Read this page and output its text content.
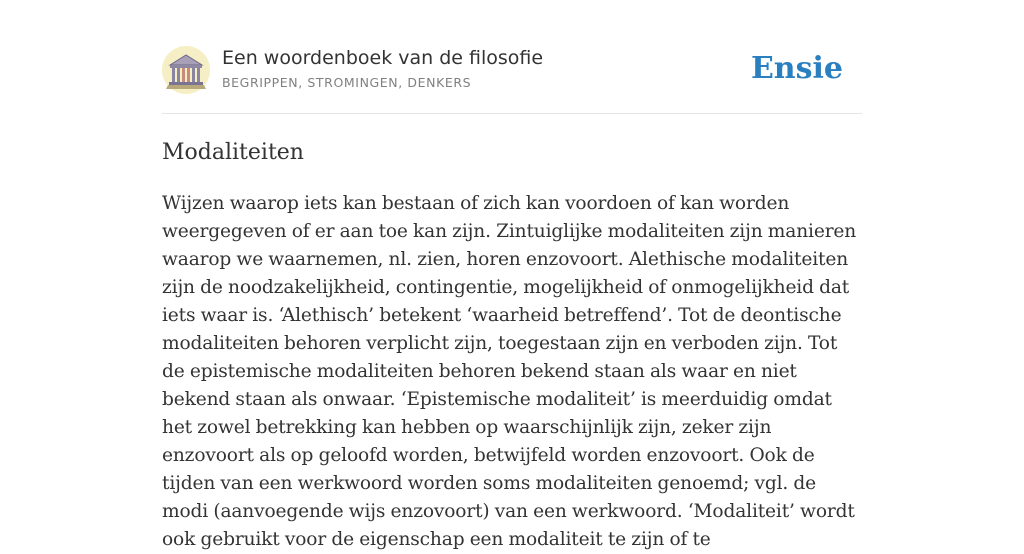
Een woordenboek van de filosofie
BEGRIPPEN, STROMINGEN, DENKERS	Ensie
Modaliteiten

Wijzen waarop iets kan bestaan of zich kan voordoen of kan worden weergegeven of er aan toe kan zijn. Zintuiglijke modaliteiten zijn manieren waarop we waarnemen, nl. zien, horen enzovoort. Alethische modaliteiten zijn de noodzakelijkheid, contingentie, mogelijkheid of onmogelijkheid dat iets waar is. ‘Alethisch’ betekent ‘waarheid betreffend’. Tot de deontische modaliteiten behoren verplicht zijn, toegestaan zijn en verboden zijn. Tot de epistemische modaliteiten behoren bekend staan als waar en niet bekend staan als onwaar. ‘Epistemische modaliteit’ is meerduidig omdat het zowel betrekking kan hebben op waarschijnlijk zijn, zeker zijn enzovoort als op geloofd worden, betwijfeld worden enzovoort. Ook de tijden van een werkwoord worden soms modaliteiten genoemd; vgl. de modi (aanvoegende wijs enzovoort) van een werkwoord. ‘Modaliteit’ wordt ook gebruikt voor de eigenschap een modaliteit te zijn of te
